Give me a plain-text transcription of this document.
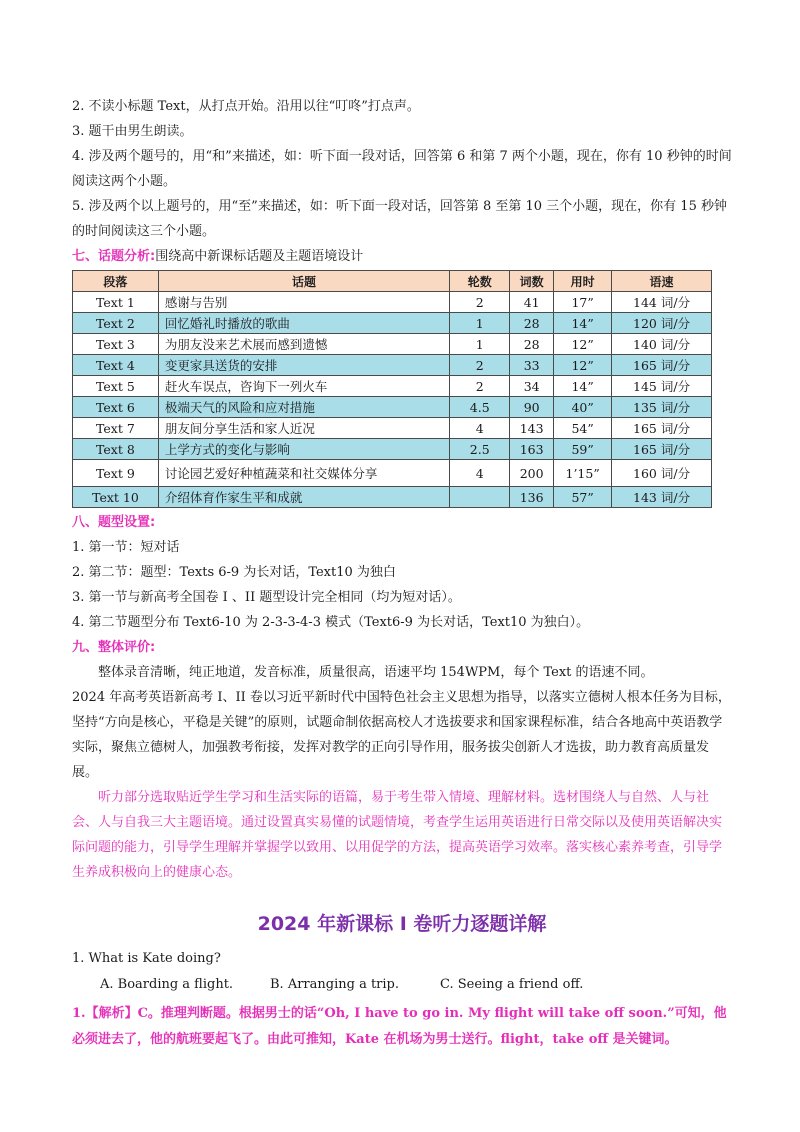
2. 不读小标题 Text，从打点开始。沿用以往“叮咚”打点声。

3. 题干由男生朗读。

4. 涉及两个题号的，用“和”来描述，如：听下面一段对话，回答第 6 和第 7 两个小题，现在，你有 10 秒钟的时间阅读这两个小题。

5. 涉及两个以上题号的，用“至”来描述，如：听下面一段对话，回答第 8 至第 10 三个小题，现在，你有 15 秒钟的时间阅读这三个小题。

七、话题分析:围绕高中新课标话题及主题语境设计

段落	话题	轮数	词数	用时	语速
Text 1	感谢与告别	2	41	17”	144 词/分
Text 2	回忆婚礼时播放的歌曲	1	28	14”	120 词/分
Text 3	为朋友没来艺术展而感到遗憾	1	28	12”	140 词/分
Text 4	变更家具送货的安排	2	33	12”	165 词/分
Text 5	赶火车误点，咨询下一列火车	2	34	14”	145 词/分
Text 6	极端天气的风险和应对措施	4.5	90	40”	135 词/分
Text 7	朋友间分享生活和家人近况	4	143	54”	165 词/分
Text 8	上学方式的变化与影响	2.5	163	59”	165 词/分
Text 9	讨论园艺爱好种植蔬菜和社交媒体分享	4	200	1’15”	160 词/分
Text 10	介绍体育作家生平和成就		136	57”	143 词/分

八、题型设置:

1. 第一节：短对话

2. 第二节：题型：Texts 6-9 为长对话，Text10 为独白

3. 第一节与新高考全国卷 I 、II 题型设计完全相同（均为短对话）。

4. 第二节题型分布 Text6-10 为 2-3-3-4-3 模式（Text6-9 为长对话，Text10 为独白）。

九、整体评价:

整体录音清晰，纯正地道，发音标准，质量很高，语速平均 154WPM，每个 Text 的语速不同。

2024 年高考英语新高考 I、II 卷以习近平新时代中国特色社会主义思想为指导，以落实立德树人根本任务为目标，坚持“方向是核心，平稳是关键”的原则，试题命制依据高校人才选拔要求和国家课程标准，结合各地高中英语教学实际，聚焦立德树人，加强教考衔接，发挥对教学的正向引导作用，服务拔尖创新人才选拔，助力教育高质量发展。

听力部分选取贴近学生学习和生活实际的语篇，易于考生带入情境、理解材料。选材围绕人与自然、人与社会、人与自我三大主题语境。通过设置真实易懂的试题情境，考查学生运用英语进行日常交际以及使用英语解决实际问题的能力，引导学生理解并掌握学以致用、以用促学的方法，提高英语学习效率。落实核心素养考查，引导学生养成积极向上的健康心态。

2024 年新课标 I 卷听力逐题详解

1. What is Kate doing?

A. Boarding a flight.	B. Arranging a trip.	C. Seeing a friend off.

1.【解析】C。推理判断题。根据男士的话“Oh, I have to go in. My flight will take off soon.”可知，他必须进去了，他的航班要起飞了。由此可推知，Kate 在机场为男士送行。flight，take off 是关键词。
